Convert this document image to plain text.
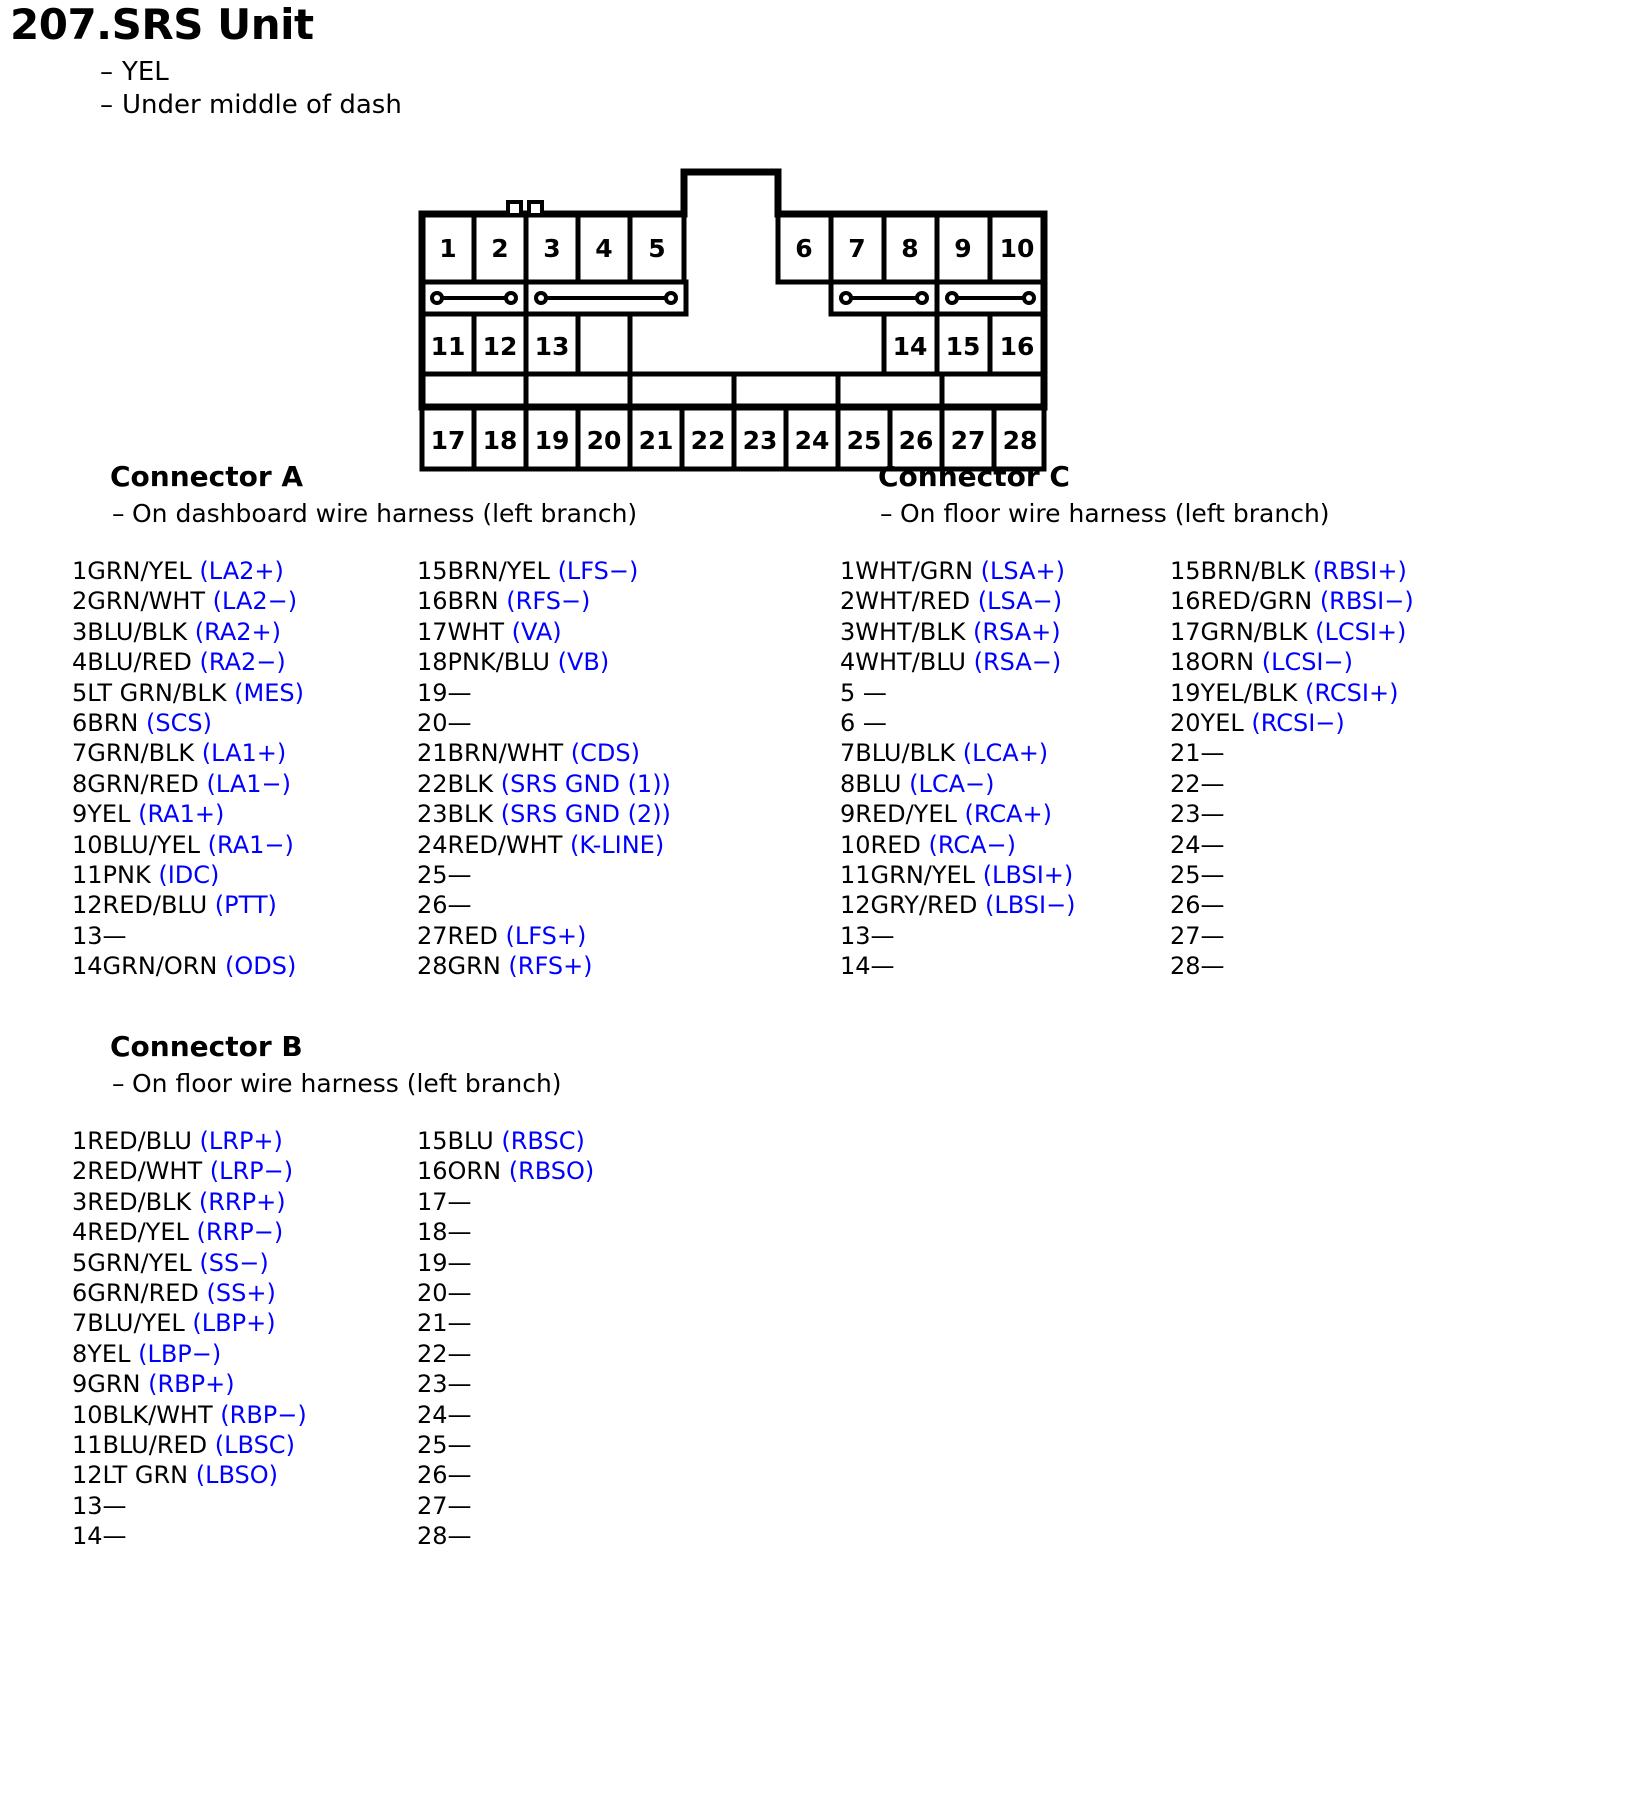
207.SRS Unit
– YEL
– Under middle of dash
1 2 3 4 5	6 7 8 9 10
11 12 13	14 15 16
17 18 19 20 21 22 23 24 25 26 27 28
Connector A
– On dashboard wire harness (left branch)
1GRN/YEL (LA2+)
2GRN/WHT (LA2−)
3BLU/BLK (RA2+)
4BLU/RED (RA2−)
5LT GRN/BLK (MES)
6BRN (SCS)
7GRN/BLK (LA1+)
8GRN/RED (LA1−)
9YEL (RA1+)
10BLU/YEL (RA1−)
11PNK (IDC)
12RED/BLU (PTT)
13—
14GRN/ORN (ODS)
15BRN/YEL (LFS−)
16BRN (RFS−)
17WHT (VA)
18PNK/BLU (VB)
19—
20—
21BRN/WHT (CDS)
22BLK (SRS GND (1))
23BLK (SRS GND (2))
24RED/WHT (K-LINE)
25—
26—
27RED (LFS+)
28GRN (RFS+)
Connector B
– On floor wire harness (left branch)
1RED/BLU (LRP+)
2RED/WHT (LRP−)
3RED/BLK (RRP+)
4RED/YEL (RRP−)
5GRN/YEL (SS−)
6GRN/RED (SS+)
7BLU/YEL (LBP+)
8YEL (LBP−)
9GRN (RBP+)
10BLK/WHT (RBP−)
11BLU/RED (LBSC)
12LT GRN (LBSO)
13—
14—
15BLU (RBSC)
16ORN (RBSO)
17—
18—
19—
20—
21—
22—
23—
24—
25—
26—
27—
28—
Connector C
– On floor wire harness (left branch)
1WHT/GRN (LSA+)
2WHT/RED (LSA−)
3WHT/BLK (RSA+)
4WHT/BLU (RSA−)
5 —
6 —
7BLU/BLK (LCA+)
8BLU (LCA−)
9RED/YEL (RCA+)
10RED (RCA−)
11GRN/YEL (LBSI+)
12GRY/RED (LBSI−)
13—
14—
15BRN/BLK (RBSI+)
16RED/GRN (RBSI−)
17GRN/BLK (LCSI+)
18ORN (LCSI−)
19YEL/BLK (RCSI+)
20YEL (RCSI−)
21—
22—
23—
24—
25—
26—
27—
28—
